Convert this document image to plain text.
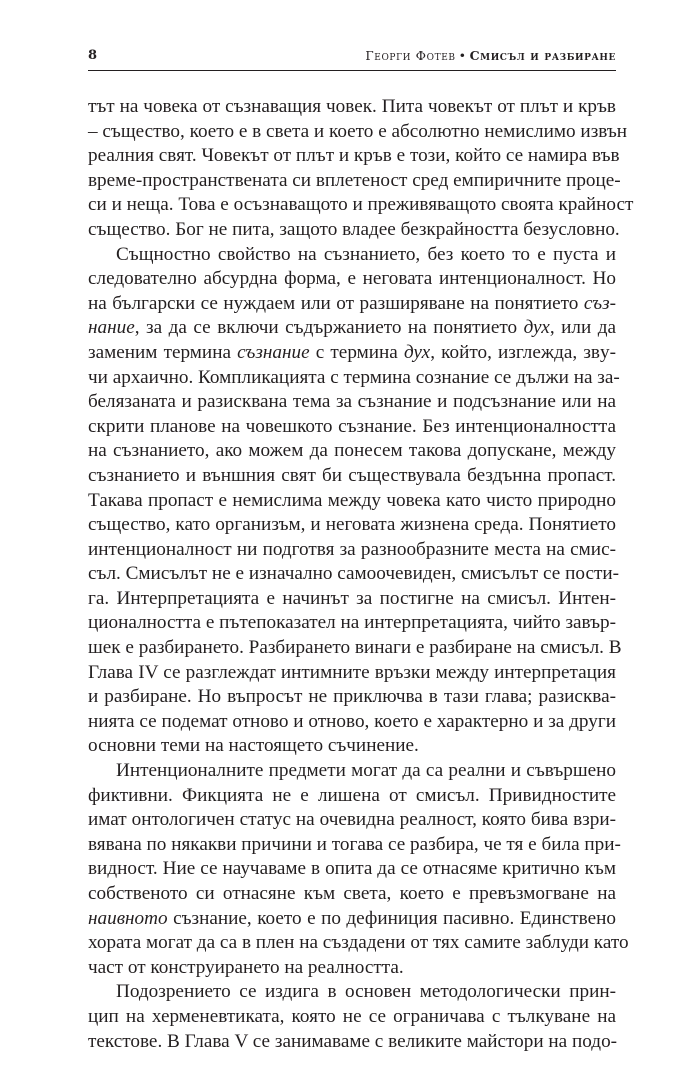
8	Георги Фотев • Смисъл и разбиране
тът на човека от съзнаващия човек. Пита човекът от плът и кръв
– същество, което е в света и което е абсолютно немислимо извън
реалния свят. Човекът от плът и кръв е този, който се намира във
време-пространствената си вплетеност сред емпиричните проце-
си и неща. Това е осъзнаващото и преживяващото своята крайност
същество. Бог не пита, защото владее безкрайността безусловно.
Същностно свойство на съзнанието, без което то е пуста и
следователно абсурдна форма, е неговата интенционалност. Но
на български се нуждаем или от разширяване на понятието съз-
нание, за да се включи съдържанието на понятието дух, или да
заменим термина съзнание с термина дух, който, изглежда, звy-
чи архаично. Компликацията с термина сознание се дължи на за-
белязаната и разисквана тема за съзнание и подсъзнание или на
скрити планове на човешкото съзнание. Без интенционалността
на съзнанието, ако можем да понесем такова допускане, между
съзнанието и външния свят би съществувала бездънна пропаст.
Такава пропаст е немислима между човека като чисто природно
същество, като организъм, и неговата жизнена среда. Понятието
интенционалност ни подготвя за разнообразните места на смис-
съл. Смисълът не е изначално самоочевиден, смисълът се пости-
га. Интерпретацията е начинът за постигне на смисъл. Интен-
ционалността е пътепоказател на интерпретацията, чийто завър-
шек е разбирането. Разбирането винаги е разбиране на смисъл. В
Глава IV се разглеждат интимните връзки между интерпретация
и разбиране. Но въпросът не приключва в тази глава; разисква-
нията се подемат отново и отново, което е характерно и за други
основни теми на настоящето съчинение.
Интенционалните предмети могат да са реални и съвършено
фиктивни. Фикцията не е лишена от смисъл. Привидностите
имат онтологичен статус на очевидна реалност, която бива взри-
вявана по някакви причини и тогава се разбира, че тя е била при-
видност. Ние се научаваме в опита да се отнасяме критично към
собственото си отнасяне към света, което е превъзмогване на
наивното съзнание, което е по дефиниция пасивно. Единствено
хората могат да са в плен на създадени от тях самите заблуди като
част от конструирането на реалността.
Подозрението се издига в основен методологически прин-
цип на херменевтиката, която не се ограничава с тълкуване на
текстове. В Глава V се занимаваме с великите майстори на подо-
